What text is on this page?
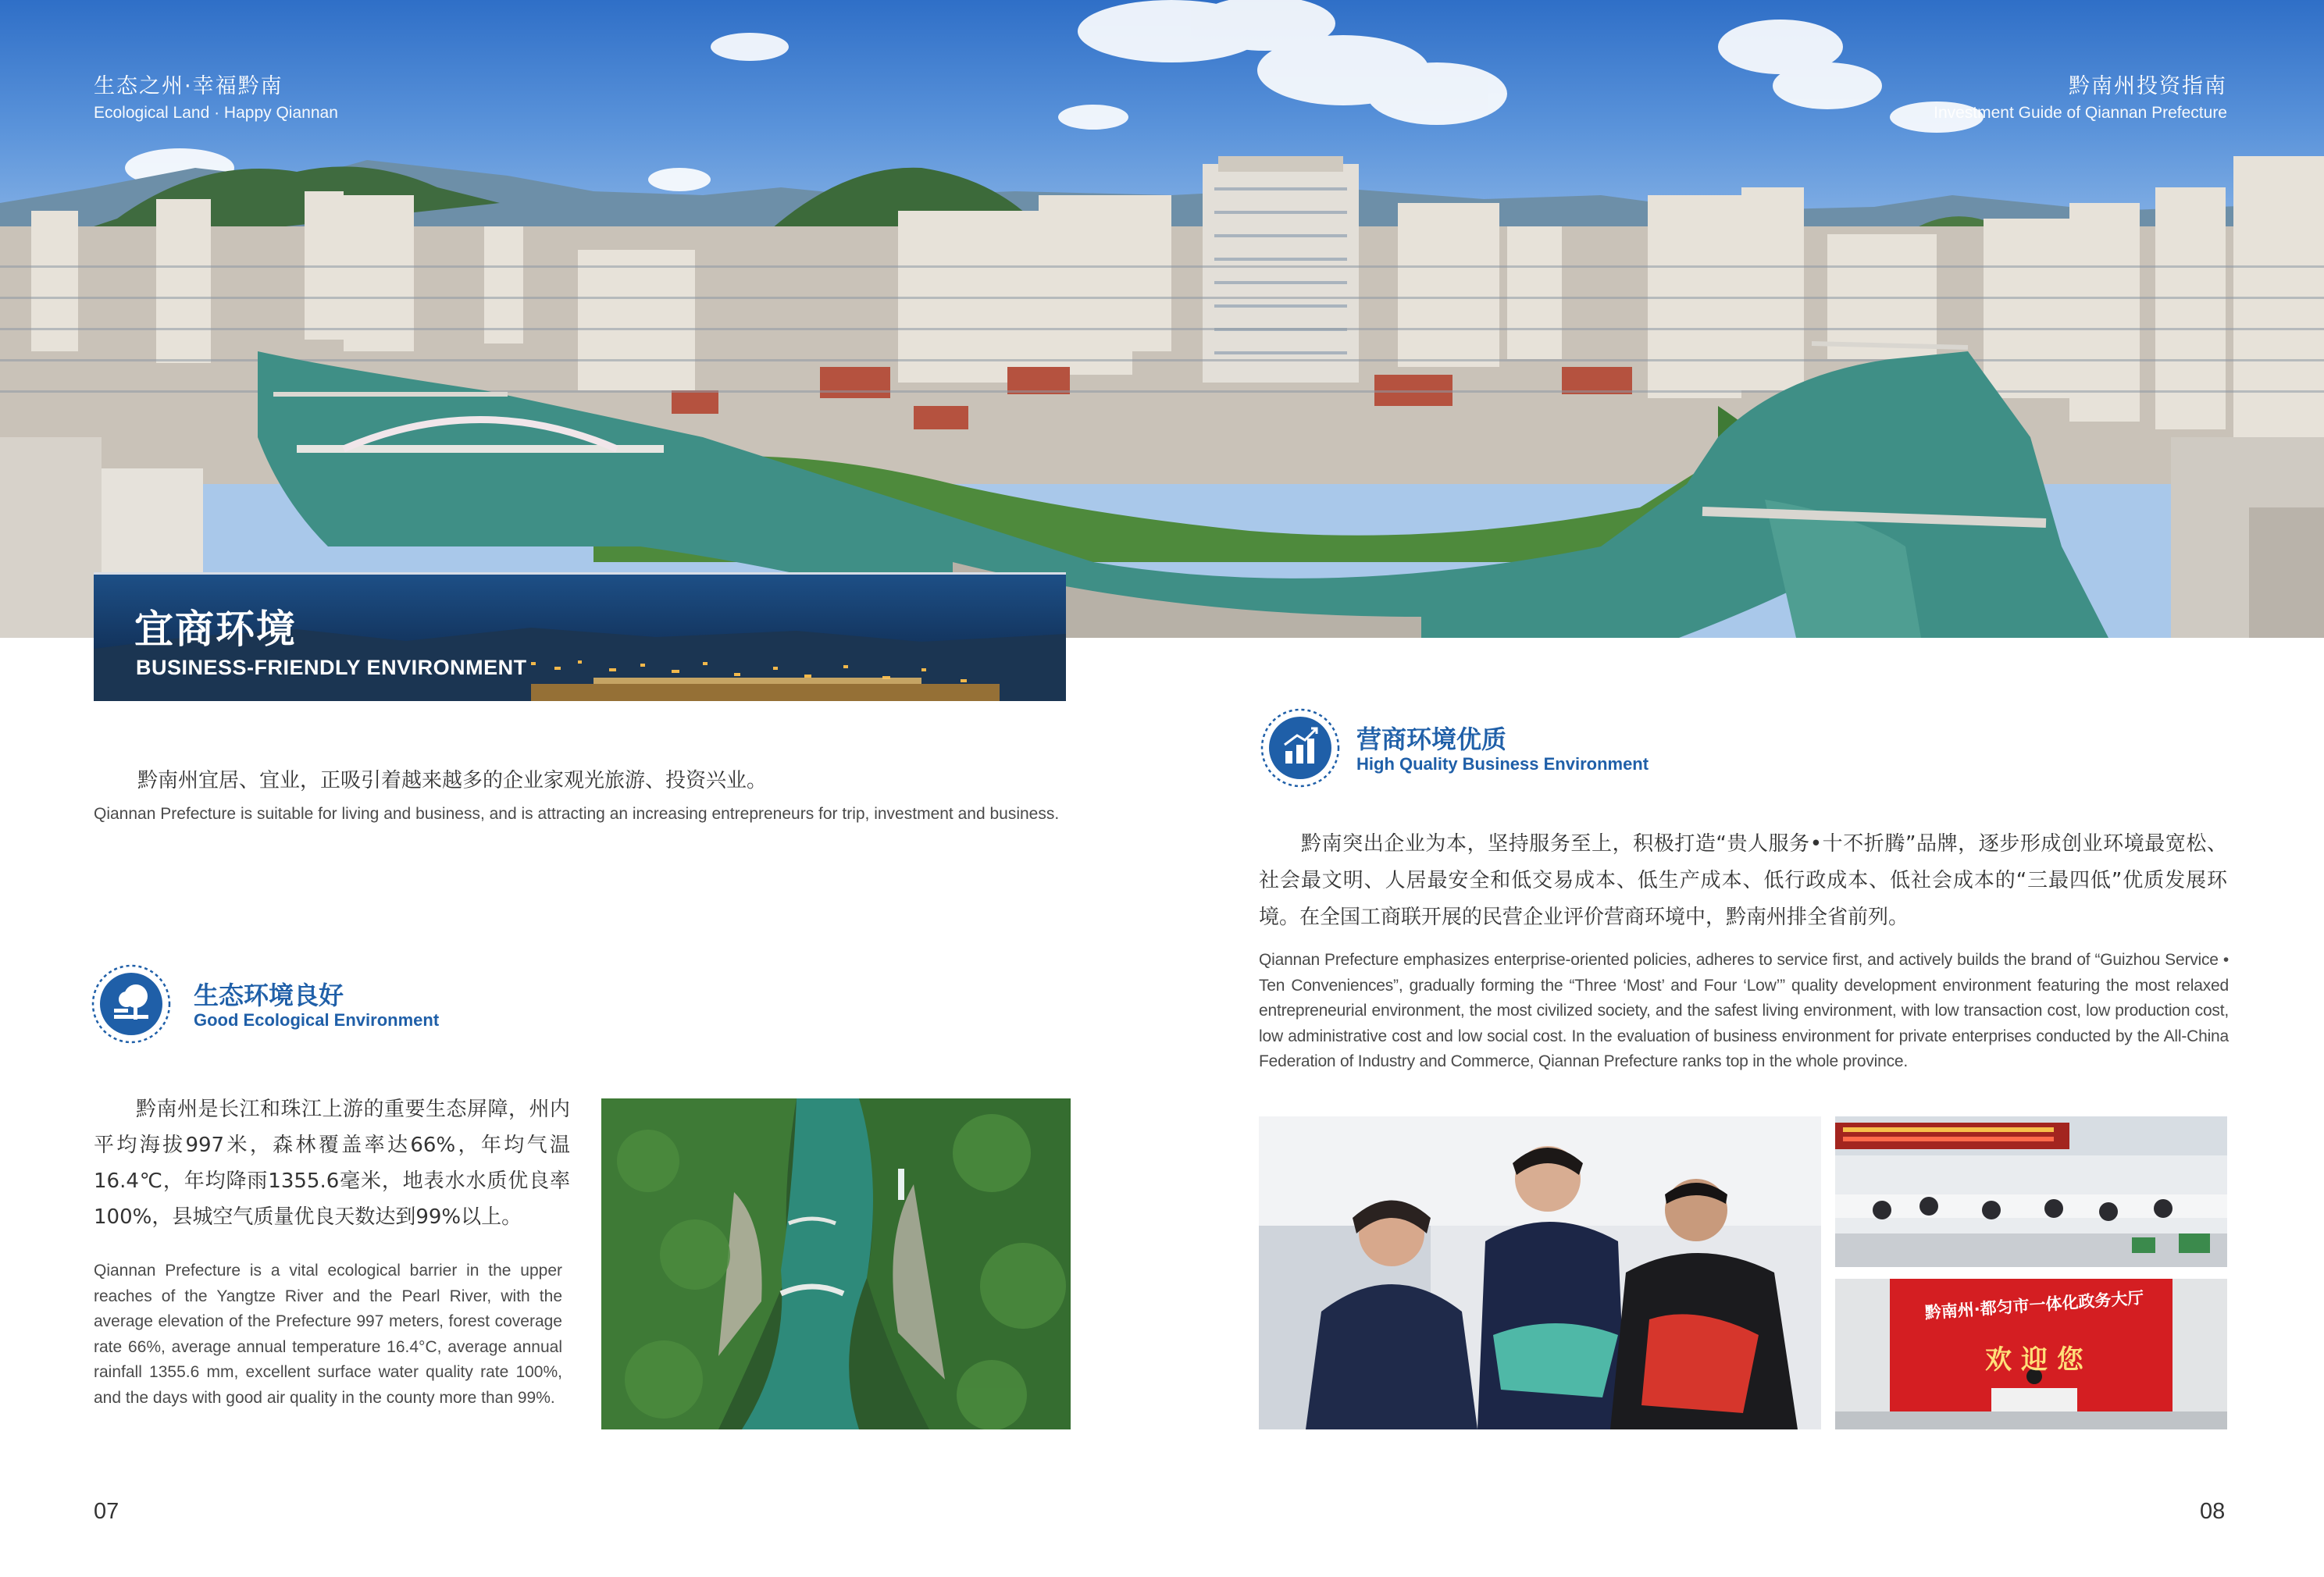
生态之州·幸福黔南
Ecological Land · Happy Qiannan
黔南州投资指南
Investment Guide of Qiannan Prefecture
宜商环境
BUSINESS-FRIENDLY ENVIRONMENT

黔南州宜居、宜业，正吸引着越来越多的企业家观光旅游、投资兴业。

Qiannan Prefecture is suitable for living and business, and is attracting an increasing entrepreneurs for trip, investment and business.

生态环境良好
Good Ecological Environment

黔南州是长江和珠江上游的重要生态屏障，州内平均海拔997米，森林覆盖率达66%，年均气温16.4℃，年均降雨1355.6毫米，地表水水质优良率100%，县城空气质量优良天数达到99%以上。

Qiannan Prefecture is a vital ecological barrier in the upper reaches of the Yangtze River and the Pearl River, with the average elevation of the Prefecture 997 meters, forest coverage rate 66%, average annual temperature 16.4°C, average annual rainfall 1355.6 mm, excellent surface water quality rate 100%, and the days with good air quality in the county more than 99%.

营商环境优质
High Quality Business Environment

黔南突出企业为本，坚持服务至上，积极打造“贵人服务•十不折腾”品牌，逐步形成创业环境最宽松、社会最文明、人居最安全和低交易成本、低生产成本、低行政成本、低社会成本的“三最四低”优质发展环境。在全国工商联开展的民营企业评价营商环境中，黔南州排全省前列。

Qiannan Prefecture emphasizes enterprise-oriented policies, adheres to service first, and actively builds the brand of “Guizhou Service • Ten Conveniences”, gradually forming the “Three ‘Most’ and Four ‘Low’” quality development environment featuring the most relaxed entrepreneurial environment, the most civilized society, and the safest living environment, with low transaction cost, low production cost, low administrative cost and low social cost. In the evaluation of business environment for private enterprises conducted by the All-China Federation of Industry and Commerce, Qiannan Prefecture ranks top in the whole province.

黔南州·都匀市一体化政务大厅
欢 迎 您
07	08
